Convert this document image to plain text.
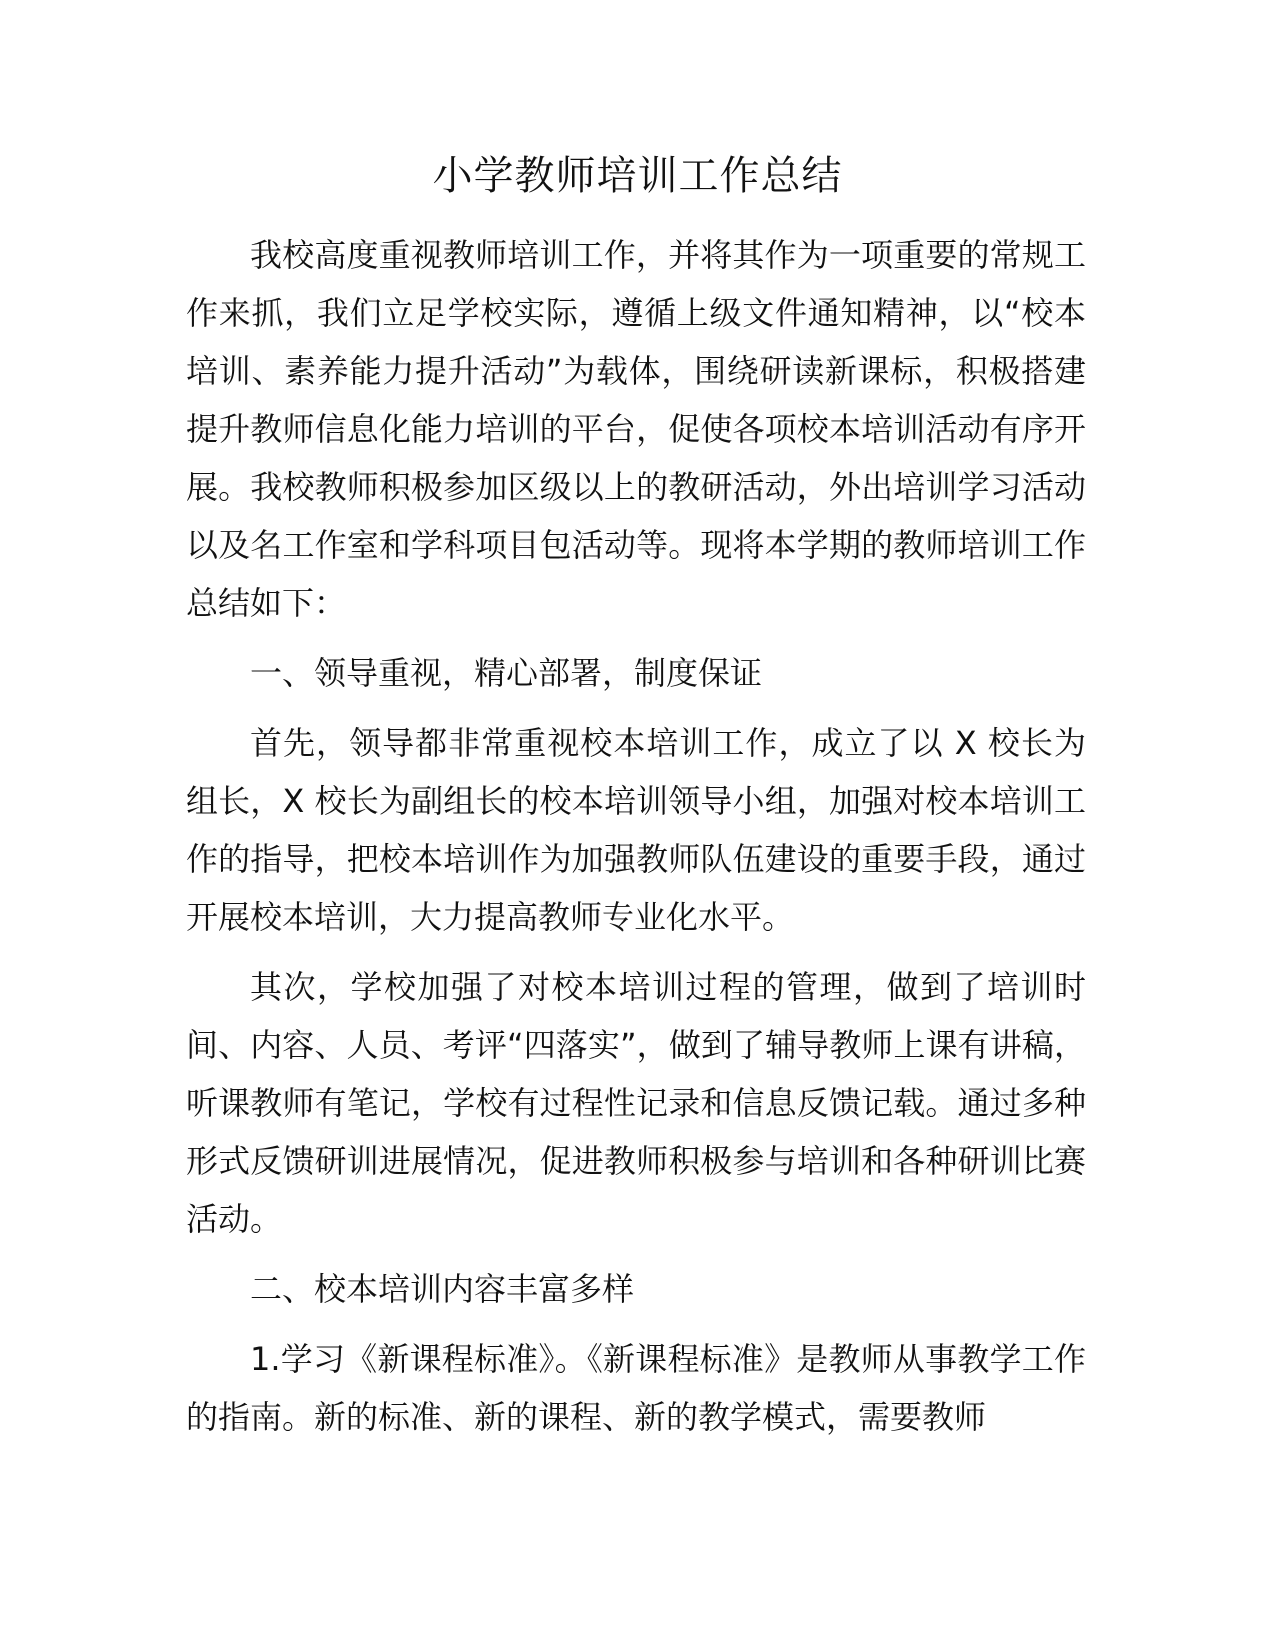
小学教师培训工作总结

我校高度重视教师培训工作，并将其作为一项重要的常规工作来抓，我们立足学校实际，遵循上级文件通知精神，以“校本培训、素养能力提升活动”为载体，围绕研读新课标，积极搭建提升教师信息化能力培训的平台，促使各项校本培训活动有序开展。我校教师积极参加区级以上的教研活动，外出培训学习活动以及名工作室和学科项目包活动等。现将本学期的教师培训工作总结如下：

一、领导重视，精心部署，制度保证

首先，领导都非常重视校本培训工作，成立了以 X 校长为组长，X 校长为副组长的校本培训领导小组，加强对校本培训工作的指导，把校本培训作为加强教师队伍建设的重要手段，通过开展校本培训，大力提高教师专业化水平。

其次，学校加强了对校本培训过程的管理，做到了培训时间、内容、人员、考评“四落实”，做到了辅导教师上课有讲稿，听课教师有笔记，学校有过程性记录和信息反馈记载。通过多种形式反馈研训进展情况，促进教师积极参与培训和各种研训比赛活动。

二、校本培训内容丰富多样

1.学习《新课程标准》。《新课程标准》是教师从事教学工作的指南。新的标准、新的课程、新的教学模式，需要教师
